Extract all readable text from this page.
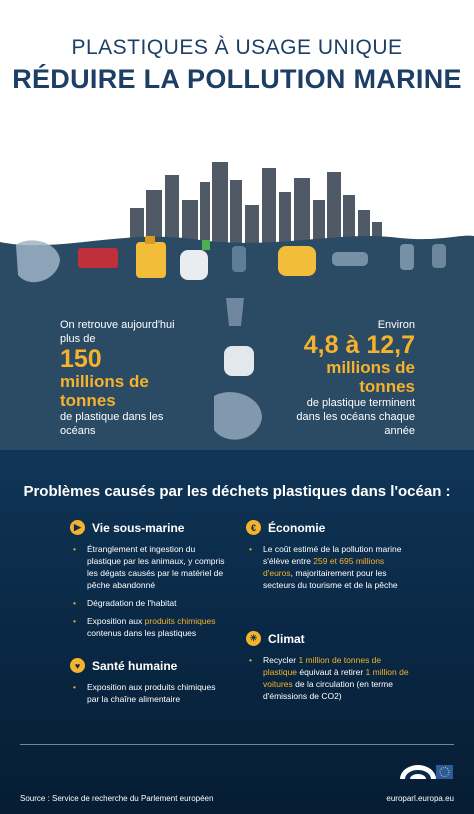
PLASTIQUES À USAGE UNIQUE
RÉDUIRE LA POLLUTION MARINE
On retrouve aujourd'hui plus de
150
millions de tonnes
de plastique dans les océans
Environ
4,8 à 12,7
millions de tonnes
de plastique terminent dans les océans chaque année
Problèmes causés par les déchets plastiques dans l'océan :
▶ Vie sous-marine
• Étranglement et ingestion du plastique par les animaux, y compris les dégats causés par le matériel de pêche abandonné
• Dégradation de l'habitat
• Exposition aux produits chimiques contenus dans les plastiques
♥ Santé humaine
• Exposition aux produits chimiques par la chaîne alimentaire
€	Économie
• Le coût estimé de la pollution marine s'élève entre 259 et 695 millions d'euros, majoritairement pour les secteurs du tourisme et de la pêche
☀ Climat
• Recycler 1 million de tonnes de plastique équivaut à retirer 1 million de voitures de la circulation (en terme d'émissions de CO2)
Source : Service de recherche du Parlement européen	europarl.europa.eu
